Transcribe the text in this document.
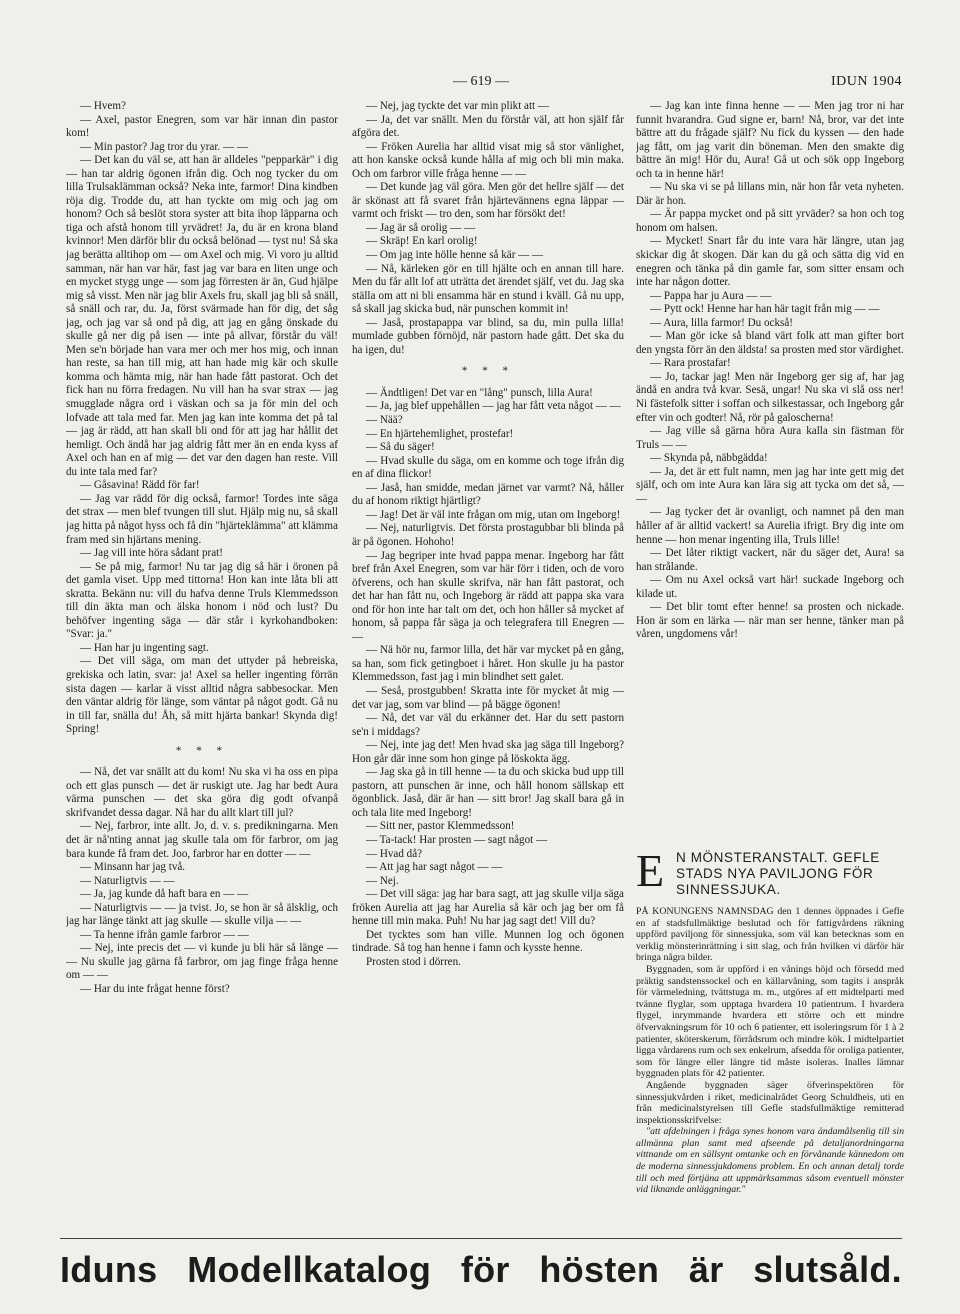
— 619 —	IDUN 1904

— Hvem?

— Axel, pastor Enegren, som var här innan din pastor kom!

— Min pastor? Jag tror du yrar. — —

— Det kan du väl se, att han är alldeles "pepparkär" i dig — han tar aldrig ögonen ifrån dig. Och nog tycker du om lilla Trulsaklämman också? Neka inte, farmor! Dina kindben röja dig. Trodde du, att han tyckte om mig och jag om honom? Och så beslöt stora syster att bita ihop läpparna och tiga och afstå honom till yrvädret! Ja, du är en krona bland kvinnor! Men därför blir du också belönad — tyst nu! Så ska jag berätta alltihop om — om Axel och mig. Vi voro ju alltid samman, när han var här, fast jag var bara en liten unge och en mycket stygg unge — som jag förresten är än, Gud hjälpe mig så visst. Men när jag blir Axels fru, skall jag bli så snäll, så snäll och rar, du. Ja, först svärmade han för dig, det såg jag, och jag var så ond på dig, att jag en gång önskade du skulle gå ner dig på isen — inte på allvar, förstår du väl! Men se'n började han vara mer och mer hos mig, och innan han reste, sa han till mig, att han hade mig kär och skulle komma och hämta mig, när han hade fått pastorat. Och det fick han nu förra fredagen. Nu vill han ha svar strax — jag smugglade några ord i väskan och sa ja för min del och lofvade att tala med far. Men jag kan inte komma det på tal — jag är rädd, att han skall bli ond för att jag har hållit det hemligt. Och ändå har jag aldrig fått mer än en enda kyss af Axel och han en af mig — det var den dagen han reste. Vill du inte tala med far?

— Gåsavina! Rädd för far!

— Jag var rädd för dig också, farmor! Tordes inte säga det strax — men blef tvungen till slut. Hjälp mig nu, så skall jag hitta på något hyss och få din "hjärteklämma" att klämma fram med sin hjärtans mening.

— Jag vill inte höra sådant prat!

— Se på mig, farmor! Nu tar jag dig så här i öronen på det gamla viset. Upp med tittorna! Hon kan inte låta bli att skratta. Bekänn nu: vill du hafva denne Truls Klemmedsson till din äkta man och älska honom i nöd och lust? Du behöfver ingenting säga — där står i kyrkohandboken: "Svar: ja."

— Han har ju ingenting sagt.

— Det vill säga, om man det uttyder på hebreiska, grekiska och latin, svar: ja! Axel sa heller ingenting förrän sista dagen — karlar ä visst alltid några sabbesockar. Men den väntar aldrig för länge, som väntar på något godt. Gå nu in till far, snälla du! Åh, så mitt hjärta bankar! Skynda dig! Spring!

* * *

— Nå, det var snällt att du kom! Nu ska vi ha oss en pipa och ett glas punsch — det är ruskigt ute. Jag har bedt Aura värma punschen — det ska göra dig godt ofvanpå skrifvandet dessa dagar. Nå har du allt klart till jul?

— Nej, farbror, inte allt. Jo, d. v. s. predikningarna. Men det är nå'nting annat jag skulle tala om för farbror, om jag bara kunde få fram det. Joo, farbror har en dotter — —

— Minsann har jag två.

— Naturligtvis — —

— Ja, jag kunde då haft bara en — —

— Naturligtvis — — ja tvist. Jo, se hon är så älsklig, och jag har länge tänkt att jag skulle — skulle vilja — —

— Ta henne ifrån gamle farbror — —

— Nej, inte precis det — vi kunde ju bli här så länge — — Nu skulle jag gärna få farbror, om jag finge fråga henne om — —

— Har du inte frågat henne först?

— Nej, jag tyckte det var min plikt att —

— Ja, det var snällt. Men du förstår väl, att hon själf får afgöra det.

— Fröken Aurelia har alltid visat mig så stor vänlighet, att hon kanske också kunde hålla af mig och bli min maka. Och om farbror ville fråga henne — —

— Det kunde jag väl göra. Men gör det hellre själf — det är skönast att få svaret från hjärtevännens egna läppar — varmt och friskt — tro den, som har försökt det!

— Jag är så orolig — —

— Skräp! En karl orolig!

— Om jag inte hölle henne så kär — —

— Nå, kärleken gör en till hjälte och en annan till hare. Men du får allt lof att uträtta det ärendet själf, vet du. Jag ska ställa om att ni bli ensamma här en stund i kväll. Gå nu upp, så skall jag skicka bud, när punschen kommit in!

— Jaså, prostapappa var blind, sa du, min pulla lilla! mumlade gubben förnöjd, när pastorn hade gått. Det ska du ha igen, du!

* * *

— Ändtligen! Det var en "lång" punsch, lilla Aura!

— Ja, jag blef uppehållen — jag har fått veta något — —

— Nää?

— En hjärtehemlighet, prostefar!

— Så du säger!

— Hvad skulle du säga, om en komme och toge ifrån dig en af dina flickor!

— Jaså, han smidde, medan järnet var varmt? Nå, håller du af honom riktigt hjärtligt?

— Jag! Det är väl inte frågan om mig, utan om Ingeborg!

— Nej, naturligtvis. Det första prostagubbar bli blinda på är på ögonen. Hohoho!

— Jag begriper inte hvad pappa menar. Ingeborg har fått bref från Axel Enegren, som var här förr i tiden, och de voro öfverens, och han skulle skrifva, när han fått pastorat, och det har han fått nu, och Ingeborg är rädd att pappa ska vara ond för hon inte har talt om det, och hon håller så mycket af honom, så pappa får säga ja och telegrafera till Enegren — —

— Nä hör nu, farmor lilla, det här var mycket på en gång, sa han, som fick getingboet i håret. Hon skulle ju ha pastor Klemmedsson, fast jag i min blindhet sett galet.

— Seså, prostgubben! Skratta inte för mycket åt mig — det var jag, som var blind — på bägge ögonen!

— Nå, det var väl du erkänner det. Har du sett pastorn se'n i middags?

— Nej, inte jag det! Men hvad ska jag säga till Ingeborg? Hon går där inne som hon ginge på löskokta ägg.

— Jag ska gå in till henne — ta du och skicka bud upp till pastorn, att punschen är inne, och håll honom sällskap ett ögonblick. Jaså, där är han — sitt bror! Jag skall bara gå in och tala lite med Ingeborg!

— Sitt ner, pastor Klemmedsson!

— Ta-tack! Har prosten — sagt något —

— Hvad då?

— Att jag har sagt något — —

— Nej.

— Det vill säga: jag har bara sagt, att jag skulle vilja säga fröken Aurelia att jag har Aurelia så kär och jag ber om få henne till min maka. Puh! Nu har jag sagt det! Vill du?

Det tycktes som han ville. Munnen log och ögonen tindrade. Så tog han henne i famn och kysste henne.

Prosten stod i dörren.

— Jag kan inte finna henne — — Men jag tror ni har funnit hvarandra. Gud signe er, barn! Nå, bror, var det inte bättre att du frågade själf? Nu fick du kyssen — den hade jag fått, om jag varit din böneman. Men den smakte dig bättre än mig! Hör du, Aura! Gå ut och sök opp Ingeborg och ta in henne här!

— Nu ska vi se på lillans min, när hon får veta nyheten. Där är hon.

— Är pappa mycket ond på sitt yrväder? sa hon och tog honom om halsen.

— Mycket! Snart får du inte vara här längre, utan jag skickar dig åt skogen. Där kan du gå och sätta dig vid en enegren och tänka på din gamle far, som sitter ensam och inte har någon dotter.

— Pappa har ju Aura — —

— Pytt ock! Henne har han här tagit från mig — —

— Aura, lilla farmor! Du också!

— Man gör icke så bland värt folk att man gifter bort den yngsta förr än den äldsta! sa prosten med stor värdighet.

— Rara prostafar!

— Jo, tackar jag! Men när Ingeborg ger sig af, har jag ändå en andra två kvar. Sesä, ungar! Nu ska vi slå oss ner! Ni fästefolk sitter i soffan och silkestassar, och Ingeborg går efter vin och godter! Nå, rör på galoscherna!

— Jag ville så gärna höra Aura kalla sin fästman för Truls — —

— Skynda på, näbbgädda!

— Ja, det är ett fult namn, men jag har inte gett mig det själf, och om inte Aura kan lära sig att tycka om det så, — —

— Jag tycker det är ovanligt, och namnet på den man håller af är alltid vackert! sa Aurelia ifrigt. Bry dig inte om henne — hon menar ingenting illa, Truls lille!

— Det låter riktigt vackert, när du säger det, Aura! sa han strålande.

— Om nu Axel också vart här! suckade Ingeborg och kilade ut.

— Det blir tomt efter henne! sa prosten och nickade. Hon är som en lärka — när man ser henne, tänker man på våren, ungdomens vår!

E N MÖNSTERANSTALT. GEFLE STADS NYA PAVILJONG FÖR SINNESSJUKA.

PÅ KONUNGENS NAMNSDAG den 1 dennes öppnades i Gefle en af stadsfullmäktige beslutad och för fattigvårdens räkning uppförd paviljong för sinnessjuka, som väl kan betecknas som en verklig mönsterinrättning i sitt slag, och från hvilken vi därför här bringa några bilder.

Byggnaden, som är uppförd i en vånings höjd och försedd med präktig sandstenssockel och en källarvåning, som tagits i anspråk för värmeledning, tvättstuga m. m., utgöres af ett midtelparti med tvänne flyglar, som upptaga hvardera 10 patientrum. I hvardera flygel, inrymmande hvardera ett större och ett mindre öfvervakningsrum för 10 och 6 patienter, ett isoleringsrum för 1 à 2 patienter, sköterskerum, förrådsrum och mindre kök. I midtelpartiet ligga vårdarens rum och sex enkelrum, afsedda för oroliga patienter, som för längre eller längre tid måste isoleras. Inalles lämnar byggnaden plats för 42 patienter.

Angående byggnaden säger öfverinspektören för sinnessjukvården i riket, medicinalrådet Georg Schuldheis, uti en från medicinalstyrelsen till Gefle stadsfullmäktige remitterad inspektionsskrifvelse:

"att afdelningen i fråga synes honom vara ändamålsenlig till sin allmänna plan samt med afseende på detaljanordningarna vittnande om en sällsynt omtanke och en förvånande kännedom om de moderna sinnessjukdomens problem. En och annan detalj torde till och med förtjäna att uppmärksammas såsom eventuell mönster vid liknande anläggningar."

Iduns Modellkatalog för hösten är slutsåld.
